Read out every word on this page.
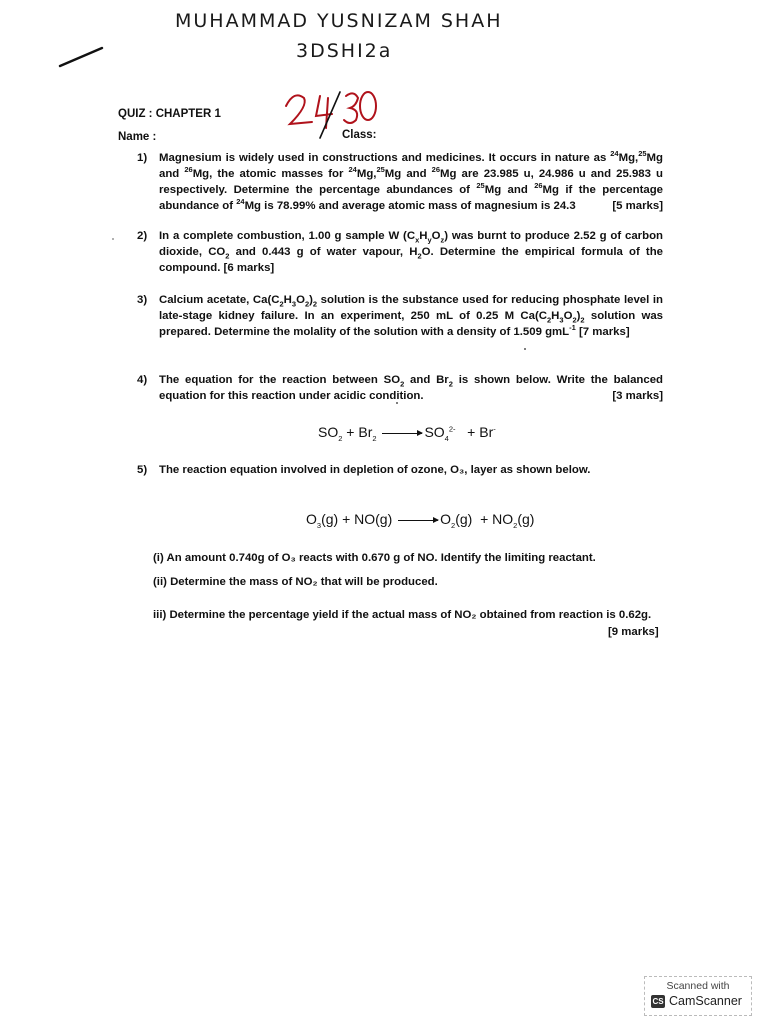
MUHAMMAD YUSNIZAM SHAH
3DSHI2a
QUIZ : CHAPTER 1
Name :	Class:
1) Magnesium is widely used in constructions and medicines. It occurs in nature as $^{24}$Mg,$^{25}$Mg and $^{26}$Mg, the atomic masses for $^{24}$Mg,$^{25}$Mg and $^{26}$Mg are 23.985 u, 24.986 u and 25.983 u respectively. Determine the percentage abundances of $^{25}$Mg and $^{26}$Mg if the percentage abundance of $^{24}$Mg is 78.99% and average atomic mass of magnesium is 24.3	[5 marks]
2) In a complete combustion, 1.00 g sample W $(C_xH_yO_z)$ was burnt to produce 2.52 g of carbon dioxide, $CO_2$ and 0.443 g of water vapour, $H_2O$. Determine the empirical formula of the compound. [6 marks]
3) Calcium acetate, $Ca(C_2H_3O_2)_2$ solution is the substance used for reducing phosphate level in late-stage kidney failure. In an experiment, 250 mL of 0.25 M $Ca(C_2H_3O_2)_2$ solution was prepared. Determine the molality of the solution with a density of 1.509 gmL$^{-1}$ [7 marks]
4) The equation for the reaction between $SO_2$ and $Br_2$ is shown below. Write the balanced equation for this reaction under acidic condition.	[3 marks]
$SO_2 + Br_2 \to SO_4^{2-} + Br^-$
5) The reaction equation involved in depletion of ozone, O₃, layer as shown below.
$O_3(g) + NO(g) \to O_2(g) + NO_2(g)$
(i) An amount 0.740g of O₃ reacts with 0.670 g of NO. Identify the limiting reactant.
(ii) Determine the mass of NO₂ that will be produced.
iii) Determine the percentage yield if the actual mass of NO₂ obtained from reaction is 0.62g.
[9 marks]
Scanned with
CS CamScanner
